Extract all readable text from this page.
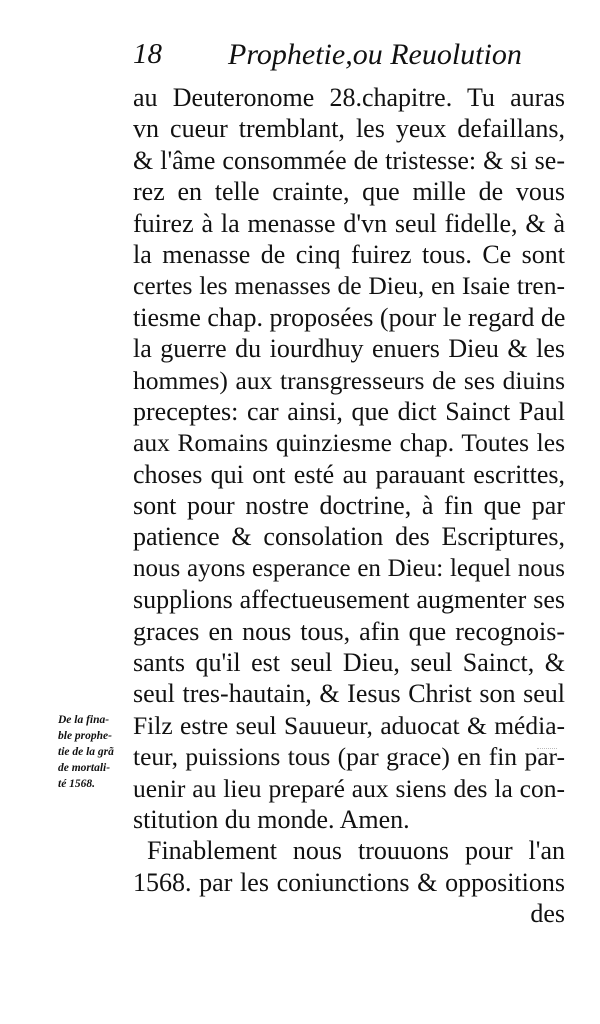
18 Prophetie,ou Reuolution
au Deuteronome 28.chapitre. Tu auras
vn cueur tremblant, les yeux defaillans,
& l'âme consommée de tristesse: & si se-
rez en telle crainte, que mille de vous
fuirez à la menasse d'vn seul fidelle, & à
la menasse de cinq fuirez tous. Ce sont
certes les menasses de Dieu, en Isaie tren-
tiesme chap. proposées (pour le regard de
la guerre du iourdhuy enuers Dieu & les
hommes) aux transgresseurs de ses diuins
preceptes: car ainsi, que dict Sainct Paul
aux Romains quinziesme chap. Toutes les
choses qui ont esté au parauant escrittes,
sont pour nostre doctrine, à fin que par
patience & consolation des Escriptures,
nous ayons esperance en Dieu: lequel nous
supplions affectueusement augmenter ses
graces en nous tous, afin que recognois-
sants qu'il est seul Dieu, seul Sainct, &
seul tres-hautain, & Iesus Christ son seul
Filz estre seul Sauueur, aduocat & média-
teur, puissions tous (par grace) en fin par-
uenir au lieu preparé aux siens des la con-
stitution du monde. Amen.
Finablement nous trouuons pour l'an
1568. par les coniunctions & oppositions
des
De la fina-
ble prophe-
tie de la grã
de mortali-
té 1568.
